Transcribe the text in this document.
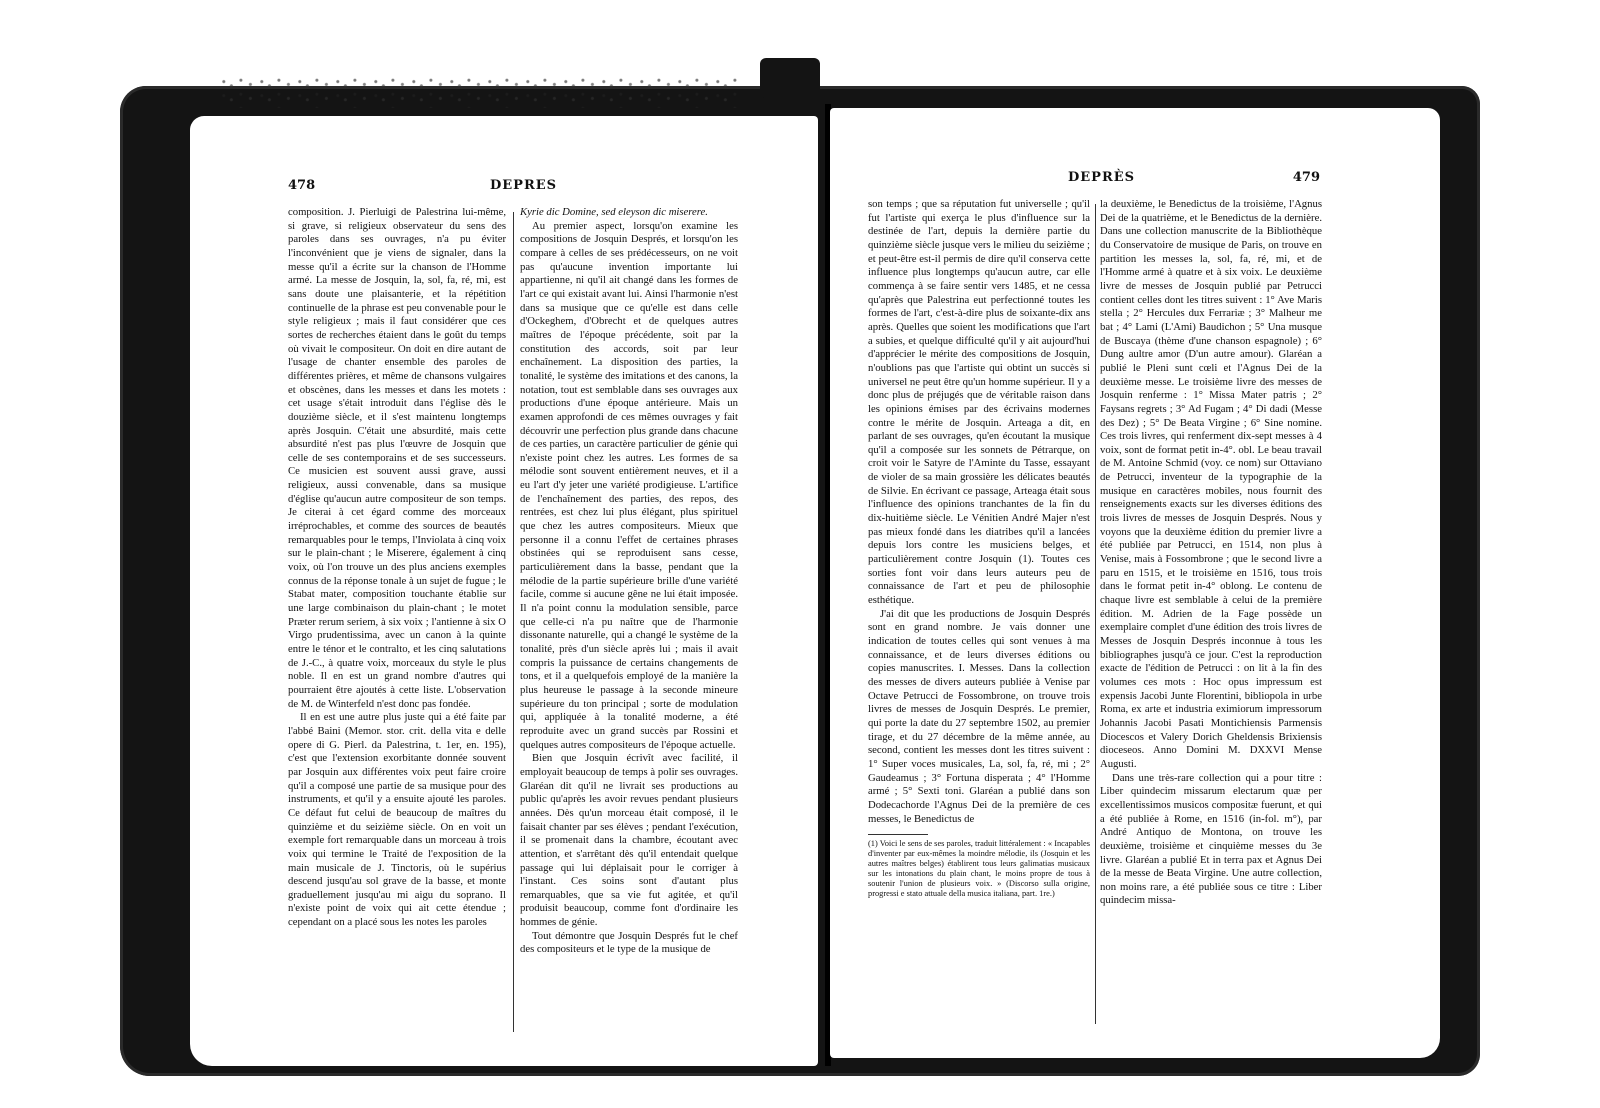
478	DEPRES

composition. J. Pierluigi de Palestrina lui-même, si grave, si religieux observateur du sens des paroles dans ses ouvrages, n'a pu éviter l'inconvénient que je viens de signaler, dans la messe qu'il a écrite sur la chanson de l'Homme armé. La messe de Josquin, la, sol, fa, ré, mi, est sans doute une plaisanterie, et la répétition continuelle de la phrase est peu convenable pour le style religieux ; mais il faut considérer que ces sortes de recherches étaient dans le goût du temps où vivait le compositeur. On doit en dire autant de l'usage de chanter ensemble des paroles de différentes prières, et même de chansons vulgaires et obscènes, dans les messes et dans les motets : cet usage s'était introduit dans l'église dès le douzième siècle, et il s'est maintenu longtemps après Josquin. C'était une absurdité, mais cette absurdité n'est pas plus l'œuvre de Josquin que celle de ses contemporains et de ses successeurs. Ce musicien est souvent aussi grave, aussi religieux, aussi convenable, dans sa musique d'église qu'aucun autre compositeur de son temps. Je citerai à cet égard comme des morceaux irréprochables, et comme des sources de beautés remarquables pour le temps, l'Inviolata à cinq voix sur le plain-chant ; le Miserere, également à cinq voix, où l'on trouve un des plus anciens exemples connus de la réponse tonale à un sujet de fugue ; le Stabat mater, composition touchante établie sur une large combinaison du plain-chant ; le motet Præter rerum seriem, à six voix ; l'antienne à six O Virgo prudentissima, avec un canon à la quinte entre le ténor et le contralto, et les cinq salutations de J.-C., à quatre voix, morceaux du style le plus noble. Il en est un grand nombre d'autres qui pourraient être ajoutés à cette liste. L'observation de M. de Winterfeld n'est donc pas fondée.

Il en est une autre plus juste qui a été faite par l'abbé Baini (Memor. stor. crit. della vita e delle opere di G. Pierl. da Palestrina, t. 1er, en. 195), c'est que l'extension exorbitante donnée souvent par Josquin aux différentes voix peut faire croire qu'il a composé une partie de sa musique pour des instruments, et qu'il y a ensuite ajouté les paroles. Ce défaut fut celui de beaucoup de maîtres du quinzième et du seizième siècle. On en voit un exemple fort remarquable dans un morceau à trois voix qui termine le Traité de l'exposition de la main musicale de J. Tinctoris, où le supérius descend jusqu'au sol grave de la basse, et monte graduellement jusqu'au mi aigu du soprano. Il n'existe point de voix qui ait cette étendue ; cependant on a placé sous les notes les paroles

Kyrie dic Domine, sed eleyson dic miserere.

Au premier aspect, lorsqu'on examine les compositions de Josquin Després, et lorsqu'on les compare à celles de ses prédécesseurs, on ne voit pas qu'aucune invention importante lui appartienne, ni qu'il ait changé dans les formes de l'art ce qui existait avant lui. Ainsi l'harmonie n'est dans sa musique que ce qu'elle est dans celle d'Ockeghem, d'Obrecht et de quelques autres maîtres de l'époque précédente, soit par la constitution des accords, soit par leur enchaînement. La disposition des parties, la tonalité, le système des imitations et des canons, la notation, tout est semblable dans ses ouvrages aux productions d'une époque antérieure. Mais un examen approfondi de ces mêmes ouvrages y fait découvrir une perfection plus grande dans chacune de ces parties, un caractère particulier de génie qui n'existe point chez les autres. Les formes de sa mélodie sont souvent entièrement neuves, et il a eu l'art d'y jeter une variété prodigieuse. L'artifice de l'enchaînement des parties, des repos, des rentrées, est chez lui plus élégant, plus spirituel que chez les autres compositeurs. Mieux que personne il a connu l'effet de certaines phrases obstinées qui se reproduisent sans cesse, particulièrement dans la basse, pendant que la mélodie de la partie supérieure brille d'une variété facile, comme si aucune gêne ne lui était imposée. Il n'a point connu la modulation sensible, parce que celle-ci n'a pu naître que de l'harmonie dissonante naturelle, qui a changé le système de la tonalité, près d'un siècle après lui ; mais il avait compris la puissance de certains changements de tons, et il a quelquefois employé de la manière la plus heureuse le passage à la seconde mineure supérieure du ton principal ; sorte de modulation qui, appliquée à la tonalité moderne, a été reproduite avec un grand succès par Rossini et quelques autres compositeurs de l'époque actuelle.

Bien que Josquin écrivît avec facilité, il employait beaucoup de temps à polir ses ouvrages. Glaréan dit qu'il ne livrait ses productions au public qu'après les avoir revues pendant plusieurs années. Dès qu'un morceau était composé, il le faisait chanter par ses élèves ; pendant l'exécution, il se promenait dans la chambre, écoutant avec attention, et s'arrêtant dès qu'il entendait quelque passage qui lui déplaisait pour le corriger à l'instant. Ces soins sont d'autant plus remarquables, que sa vie fut agitée, et qu'il produisit beaucoup, comme font d'ordinaire les hommes de génie.

Tout démontre que Josquin Després fut le chef des compositeurs et le type de la musique de

DEPRÈS	479

son temps ; que sa réputation fut universelle ; qu'il fut l'artiste qui exerça le plus d'influence sur la destinée de l'art, depuis la dernière partie du quinzième siècle jusque vers le milieu du seizième ; et peut-être est-il permis de dire qu'il conserva cette influence plus longtemps qu'aucun autre, car elle commença à se faire sentir vers 1485, et ne cessa qu'après que Palestrina eut perfectionné toutes les formes de l'art, c'est-à-dire plus de soixante-dix ans après. Quelles que soient les modifications que l'art a subies, et quelque difficulté qu'il y ait aujourd'hui d'apprécier le mérite des compositions de Josquin, n'oublions pas que l'artiste qui obtint un succès si universel ne peut être qu'un homme supérieur. Il y a donc plus de préjugés que de véritable raison dans les opinions émises par des écrivains modernes contre le mérite de Josquin. Arteaga a dit, en parlant de ses ouvrages, qu'en écoutant la musique qu'il a composée sur les sonnets de Pétrarque, on croit voir le Satyre de l'Aminte du Tasse, essayant de violer de sa main grossière les délicates beautés de Silvie. En écrivant ce passage, Arteaga était sous l'influence des opinions tranchantes de la fin du dix-huitième siècle. Le Vénitien André Majer n'est pas mieux fondé dans les diatribes qu'il a lancées depuis lors contre les musiciens belges, et particulièrement contre Josquin (1). Toutes ces sorties font voir dans leurs auteurs peu de connaissance de l'art et peu de philosophie esthétique.

J'ai dit que les productions de Josquin Després sont en grand nombre. Je vais donner une indication de toutes celles qui sont venues à ma connaissance, et de leurs diverses éditions ou copies manuscrites. I. Messes. Dans la collection des messes de divers auteurs publiée à Venise par Octave Petrucci de Fossombrone, on trouve trois livres de messes de Josquin Després. Le premier, qui porte la date du 27 septembre 1502, au premier tirage, et du 27 décembre de la même année, au second, contient les messes dont les titres suivent : 1° Super voces musicales, La, sol, fa, ré, mi ; 2° Gaudeamus ; 3° Fortuna disperata ; 4° l'Homme armé ; 5° Sexti toni. Glaréan a publié dans son Dodecachorde l'Agnus Dei de la première de ces messes, le Benedictus de

(1) Voici le sens de ses paroles, traduit littéralement : « Incapables d'inventer par eux-mêmes la moindre mélodie, ils (Josquin et les autres maîtres belges) établirent tous leurs galimatias musicaux sur les intonations du plain chant, le moins propre de tous à soutenir l'union de plusieurs voix. » (Discorso sulla origine, progressi e stato attuale della musica italiana, part. 1re.)

la deuxième, le Benedictus de la troisième, l'Agnus Dei de la quatrième, et le Benedictus de la dernière. Dans une collection manuscrite de la Bibliothèque du Conservatoire de musique de Paris, on trouve en partition les messes la, sol, fa, ré, mi, et de l'Homme armé à quatre et à six voix. Le deuxième livre de messes de Josquin publié par Petrucci contient celles dont les titres suivent : 1° Ave Maris stella ; 2° Hercules dux Ferrariæ ; 3° Malheur me bat ; 4° Lami (L'Ami) Baudichon ; 5° Una musque de Buscaya (thème d'une chanson espagnole) ; 6° Dung aultre amor (D'un autre amour). Glaréan a publié le Pleni sunt cœli et l'Agnus Dei de la deuxième messe. Le troisième livre des messes de Josquin renferme : 1° Missa Mater patris ; 2° Faysans regrets ; 3° Ad Fugam ; 4° Di dadi (Messe des Dez) ; 5° De Beata Virgine ; 6° Sine nomine. Ces trois livres, qui renferment dix-sept messes à 4 voix, sont de format petit in-4°. obl. Le beau travail de M. Antoine Schmid (voy. ce nom) sur Ottaviano de Petrucci, inventeur de la typographie de la musique en caractères mobiles, nous fournit des renseignements exacts sur les diverses éditions des trois livres de messes de Josquin Després. Nous y voyons que la deuxième édition du premier livre a été publiée par Petrucci, en 1514, non plus à Venise, mais à Fossombrone ; que le second livre a paru en 1515, et le troisième en 1516, tous trois dans le format petit in-4° oblong. Le contenu de chaque livre est semblable à celui de la première édition. M. Adrien de la Fage possède un exemplaire complet d'une édition des trois livres de Messes de Josquin Després inconnue à tous les bibliographes jusqu'à ce jour. C'est la reproduction exacte de l'édition de Petrucci : on lit à la fin des volumes ces mots : Hoc opus impressum est expensis Jacobi Junte Florentini, bibliopola in urbe Roma, ex arte et industria eximiorum impressorum Johannis Jacobi Pasati Montichiensis Parmensis Diocescos et Valery Dorich Gheldensis Brixiensis dioceseos. Anno Domini M. DXXVI Mense Augusti.

Dans une très-rare collection qui a pour titre : Liber quindecim missarum electarum quæ per excellentissimos musicos compositæ fuerunt, et qui a été publiée à Rome, en 1516 (in-fol. m°), par André Antiquo de Montona, on trouve les deuxième, troisième et cinquième messes du 3e livre. Glaréan a publié Et in terra pax et Agnus Dei de la messe de Beata Virgine. Une autre collection, non moins rare, a été publiée sous ce titre : Liber quindecim missa-
